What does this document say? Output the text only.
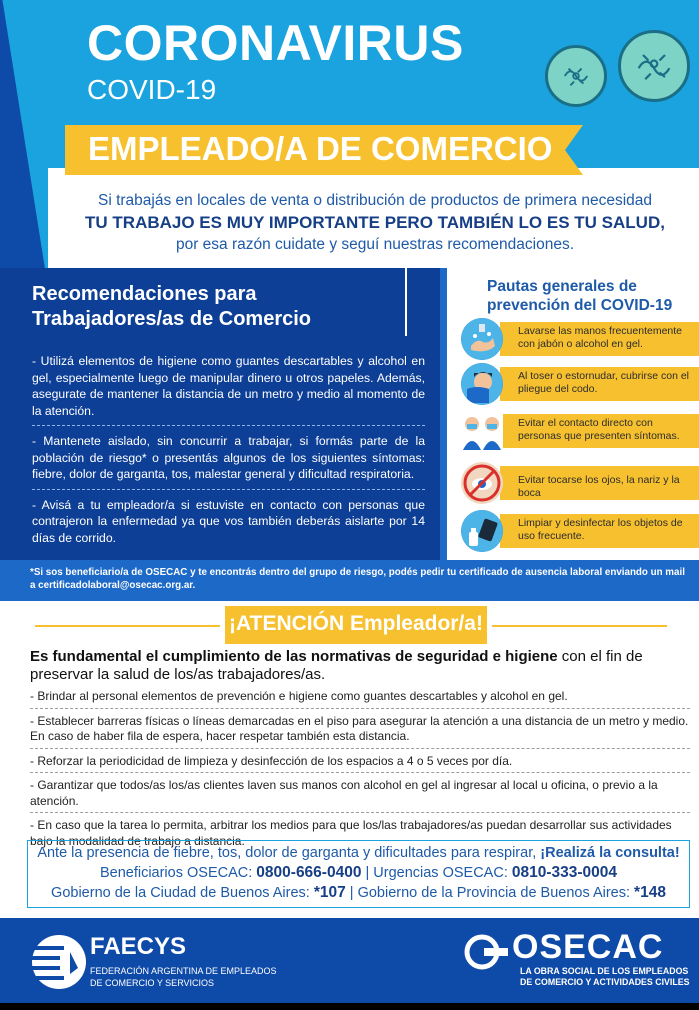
CORONAVIRUS
COVID-19
EMPLEADO/A DE COMERCIO
Si trabajás en locales de venta o distribución de productos de primera necesidad
TU TRABAJO ES MUY IMPORTANTE PERO TAMBIÉN LO ES TU SALUD,
por esa razón cuidate y seguí nuestras recomendaciones.
Recomendaciones para
Trabajadores/as de Comercio
- Utilizá elementos de higiene como guantes descartables y alcohol en gel, especialmente luego de manipular dinero u otros papeles. Además, asegurate de mantener la distancia de un metro y medio al momento de la atención.
- Mantenete aislado, sin concurrir a trabajar, si formás parte de la población de riesgo* o presentás algunos de los siguientes síntomas: fiebre, dolor de garganta, tos, malestar general y dificultad respiratoria.
- Avisá a tu empleador/a si estuviste en contacto con personas que contrajeron la enfermedad ya que vos también deberás aislarte por 14 días de corrido.
Pautas generales de
prevención del COVID-19
Lavarse las manos frecuentemente con jabón o alcohol en gel.
Al toser o estornudar, cubrirse con el pliegue del codo.
Evitar el contacto directo con personas que presenten síntomas.
Evitar tocarse los ojos, la nariz y la boca
Limpiar y desinfectar los objetos de uso frecuente.
*Si sos beneficiario/a de OSECAC y te encontrás dentro del grupo de riesgo, podés pedir tu certificado de ausencia laboral enviando un mail a certificadolaboral@osecac.org.ar.
¡ATENCIÓN Empleador/a!
Es fundamental el cumplimiento de las normativas de seguridad e higiene con el fin de preservar la salud de los/as trabajadores/as.
- Brindar al personal elementos de prevención e higiene como guantes descartables y alcohol en gel.
- Establecer barreras físicas o líneas demarcadas en el piso para asegurar la atención a una distancia de un metro y medio. En caso de haber fila de espera, hacer respetar también esta distancia.
- Reforzar la periodicidad de limpieza y desinfección de los espacios a 4 o 5 veces por día.
- Garantizar que todos/as los/as clientes laven sus manos con alcohol en gel al ingresar al local u oficina, o previo a la atención.
- En caso que la tarea lo permita, arbitrar los medios para que los/las trabajadores/as puedan desarrollar sus actividades bajo la modalidad de trabajo a distancia.
Ante la presencia de fiebre, tos, dolor de garganta y dificultades para respirar, ¡Realizá la consulta!
Beneficiarios OSECAC: 0800-666-0400 | Urgencias OSECAC: 0810-333-0004
Gobierno de la Ciudad de Buenos Aires: *107 | Gobierno de la Provincia de Buenos Aires: *148
FAECYS
FEDERACIÓN ARGENTINA DE EMPLEADOS
DE COMERCIO Y SERVICIOS
OSECAC
LA OBRA SOCIAL DE LOS EMPLEADOS
DE COMERCIO Y ACTIVIDADES CIVILES
